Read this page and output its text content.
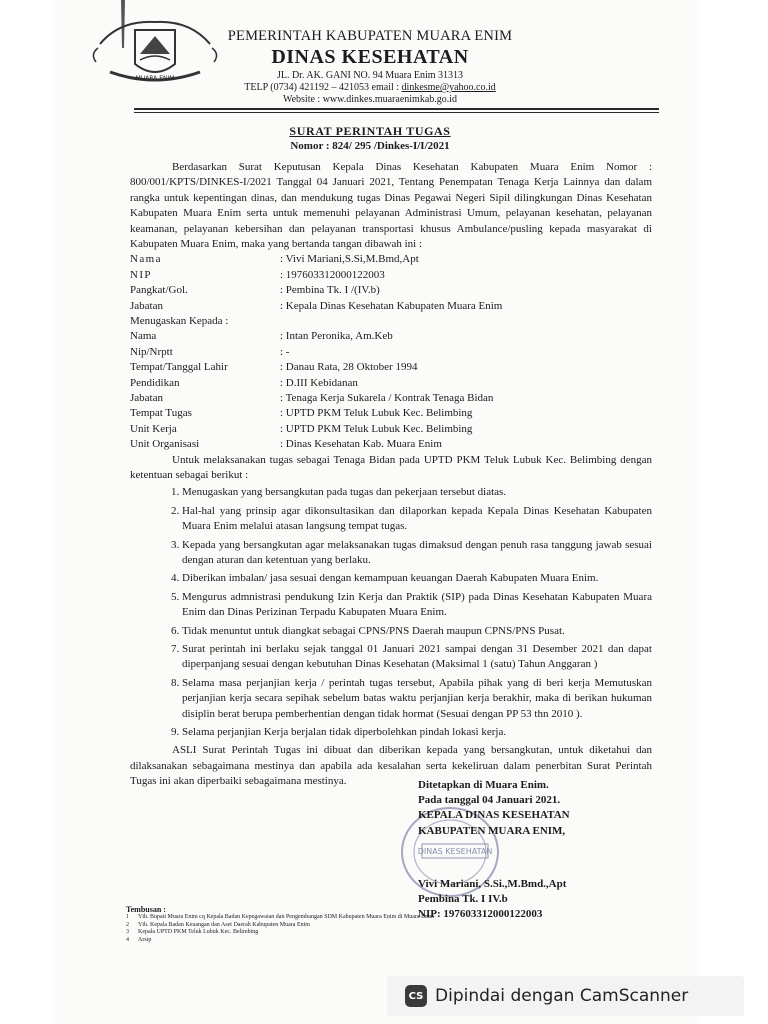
MUARA ENIM
PEMERINTAH KABUPATEN MUARA ENIM
DINAS KESEHATAN
JL. Dr. AK. GANI NO. 94 Muara Enim 31313
TELP (0734) 421192 – 421053 email : dinkesme@yahoo.co.id
Website : www.dinkes.muaraenimkab.go.id
SURAT PERINTAH TUGAS
Nomor : 824/ 295 /Dinkes-I/I/2021

Berdasarkan Surat Keputusan Kepala Dinas Kesehatan Kabupaten Muara Enim Nomor : 800/001/KPTS/DINKES-I/2021 Tanggal 04 Januari 2021, Tentang Penempatan Tenaga Kerja Lainnya dan dalam rangka untuk kepentingan dinas, dan mendukung tugas Dinas Pegawai Negeri Sipil dilingkungan Dinas Kesehatan Kabupaten Muara Enim serta untuk memenuhi pelayanan Administrasi Umum, pelayanan kesehatan, pelayanan keamanan, pelayanan kebersihan dan pelayanan transportasi khusus Ambulance/pusling kepada masyarakat di Kabupaten Muara Enim, maka yang bertanda tangan dibawah ini :

Nama	: Vivi Mariani,S.Si,M.Bmd,Apt
NIP	: 197603312000122003
Pangkat/Gol.	: Pembina Tk. I /(IV.b)
Jabatan	: Kepala Dinas Kesehatan Kabupaten Muara Enim
Menugaskan Kepada :
Nama	: Intan Peronika, Am.Keb
Nip/Nrptt	: -
Tempat/Tanggal Lahir	: Danau Rata, 28 Oktober 1994
Pendidikan	: D.III Kebidanan
Jabatan	: Tenaga Kerja Sukarela / Kontrak Tenaga Bidan
Tempat Tugas	: UPTD PKM Teluk Lubuk Kec. Belimbing
Unit Kerja	: UPTD PKM Teluk Lubuk Kec. Belimbing
Unit Organisasi	: Dinas Kesehatan Kab. Muara Enim

Untuk melaksanakan tugas sebagai Tenaga Bidan pada UPTD PKM Teluk Lubuk Kec. Belimbing dengan ketentuan sebagai berikut :

1. Menugaskan yang bersangkutan pada tugas dan pekerjaan tersebut diatas.
2. Hal-hal yang prinsip agar dikonsultasikan dan dilaporkan kepada Kepala Dinas Kesehatan Kabupaten Muara Enim melalui atasan langsung tempat tugas.
3. Kepada yang bersangkutan agar melaksanakan tugas dimaksud dengan penuh rasa tanggung jawab sesuai dengan aturan dan ketentuan yang berlaku.
4. Diberikan imbalan/ jasa sesuai dengan kemampuan keuangan Daerah Kabupaten Muara Enim.
5. Mengurus admnistrasi pendukung Izin Kerja dan Praktik (SIP) pada Dinas Kesehatan Kabupaten Muara Enim dan Dinas Perizinan Terpadu Kabupaten Muara Enim.
6. Tidak menuntut untuk diangkat sebagai CPNS/PNS Daerah maupun CPNS/PNS Pusat.
7. Surat perintah ini berlaku sejak tanggal 01 Januari 2021 sampai dengan 31 Desember 2021 dan dapat diperpanjang sesuai dengan kebutuhan Dinas Kesehatan (Maksimal 1 (satu) Tahun Anggaran )
8. Selama masa perjanjian kerja / perintah tugas tersebut, Apabila pihak yang di beri kerja Memutuskan perjanjian kerja secara sepihak sebelum batas waktu perjanjian kerja berakhir, maka di berikan hukuman disiplin berat berupa pemberhentian dengan tidak hormat (Sesuai dengan PP 53 thn 2010 ).
9. Selama perjanjian Kerja berjalan tidak diperbolehkan pindah lokasi kerja.

ASLI Surat Perintah Tugas ini dibuat dan diberikan kepada yang bersangkutan, untuk diketahui dan dilaksanakan sebagaimana mestinya dan apabila ada kesalahan serta kekeliruan dalam penerbitan Surat Perintah Tugas ini akan diperbaiki sebagaimana mestinya.

DINAS KESEHATAN
Ditetapkan di Muara Enim.
Pada tanggal 04 Januari 2021.
KEPALA DINAS KESEHATAN
KABUPATEN MUARA ENIM,
Vivi Mariani, S.Si.,M.Bmd.,Apt
Pembina Tk. I IV.b
NIP: 197603312000122003
Tembusan :
1	Yth. Bupati Muara Enim cq Kepala Badan Kepegawaian dan Pengembangan SDM Kabupaten Muara Enim di Muara Enim
2	Yth. Kepala Badan Keuangan dan Aset Daerah Kabupaten Muara Enim
3	Kepala UPTD PKM Teluk Lubuk Kec. Belimbing
4	Arsip
CS Dipindai dengan CamScanner
